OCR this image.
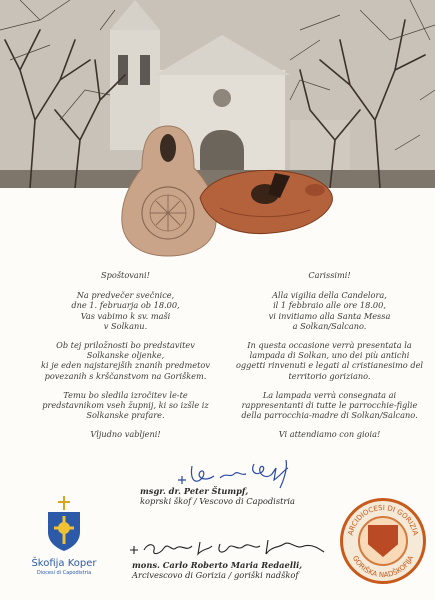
Spoštovani!

Na predvečer svečnice,
dne 1. februarja ob 18.00,
Vas vabimo k sv. maši
v Solkanu.

Ob tej priložnosti bo predstavitev
Solkanske oljenke,
ki je eden najstarejših znanih predmetov
povezanih s krščanstvom na Goriškem.

Temu bo sledila izročitev le-te
predstavnikom vseh župnij, ki so izšle iz
Solkanske prafare.

Vljudno vabljeni!

Carissimi!

Alla vigilia della Candelora,
il 1 febbraio alle ore 18.00,
vi invitiamo alla Santa Messa
a Solkan/Salcano.

In questa occasione verrà presentata la
lampada di Solkan, uno dei più antichi
oggetti rinvenuti e legati al cristianesimo del
territorio goriziano.

La lampada verrà consegnata ai
rappresentanti di tutte le parrocchie-figlie
della parrocchia-madre di Solkan/Salcano.

Vi attendiamo con gioia!

msgr. dr. Peter Štumpf,
koprski škof / Vescovo di Capodistria
mons. Carlo Roberto Maria Redaelli,
Arcivescovo di Gorizia / goriški nadškof
Škofija Koper
Diocesi di Capodistria
ARCIDIOCESI DI GORIZIA
GORIŠKA NADŠKOFIJA
